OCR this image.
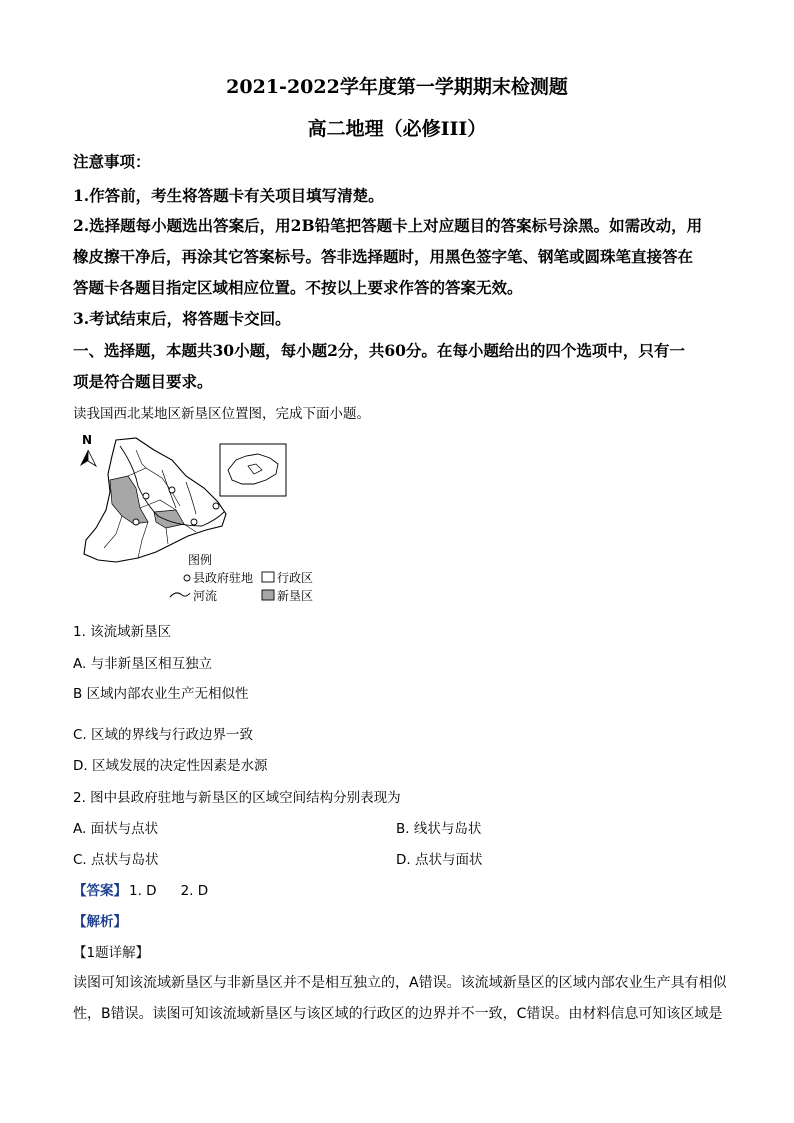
2021-2022学年度第一学期期末检测题
高二地理（必修III）
注意事项：
1.作答前，考生将答题卡有关项目填写清楚。
2.选择题每小题选出答案后，用2B铅笔把答题卡上对应题目的答案标号涂黑。如需改动，用
橡皮擦干净后，再涂其它答案标号。答非选择题时，用黑色签字笔、钢笔或圆珠笔直接答在
答题卡各题目指定区域相应位置。不按以上要求作答的答案无效。
3.考试结束后，将答题卡交回。
一、选择题，本题共30小题，每小题2分，共60分。在每小题给出的四个选项中，只有一
项是符合题目要求。
读我国西北某地区新垦区位置图，完成下面小题。
N
图例
县政府驻地 行政区
河流	新垦区
1. 该流域新垦区
A. 与非新垦区相互独立
B 区域内部农业生产无相似性
C. 区域的界线与行政边界一致
D. 区域发展的决定性因素是水源
2. 图中县政府驻地与新垦区的区域空间结构分别表现为
A. 面状与点状	B. 线状与岛状
C. 点状与岛状	D. 点状与面状
【答案】 1. D 2. D
【解析】
【1题详解】
读图可知该流域新垦区与非新垦区并不是相互独立的，A错误。该流域新垦区的区域内部农业生产具有相似
性，B错误。读图可知该流域新垦区与该区域的行政区的边界并不一致，C错误。由材料信息可知该区域是
